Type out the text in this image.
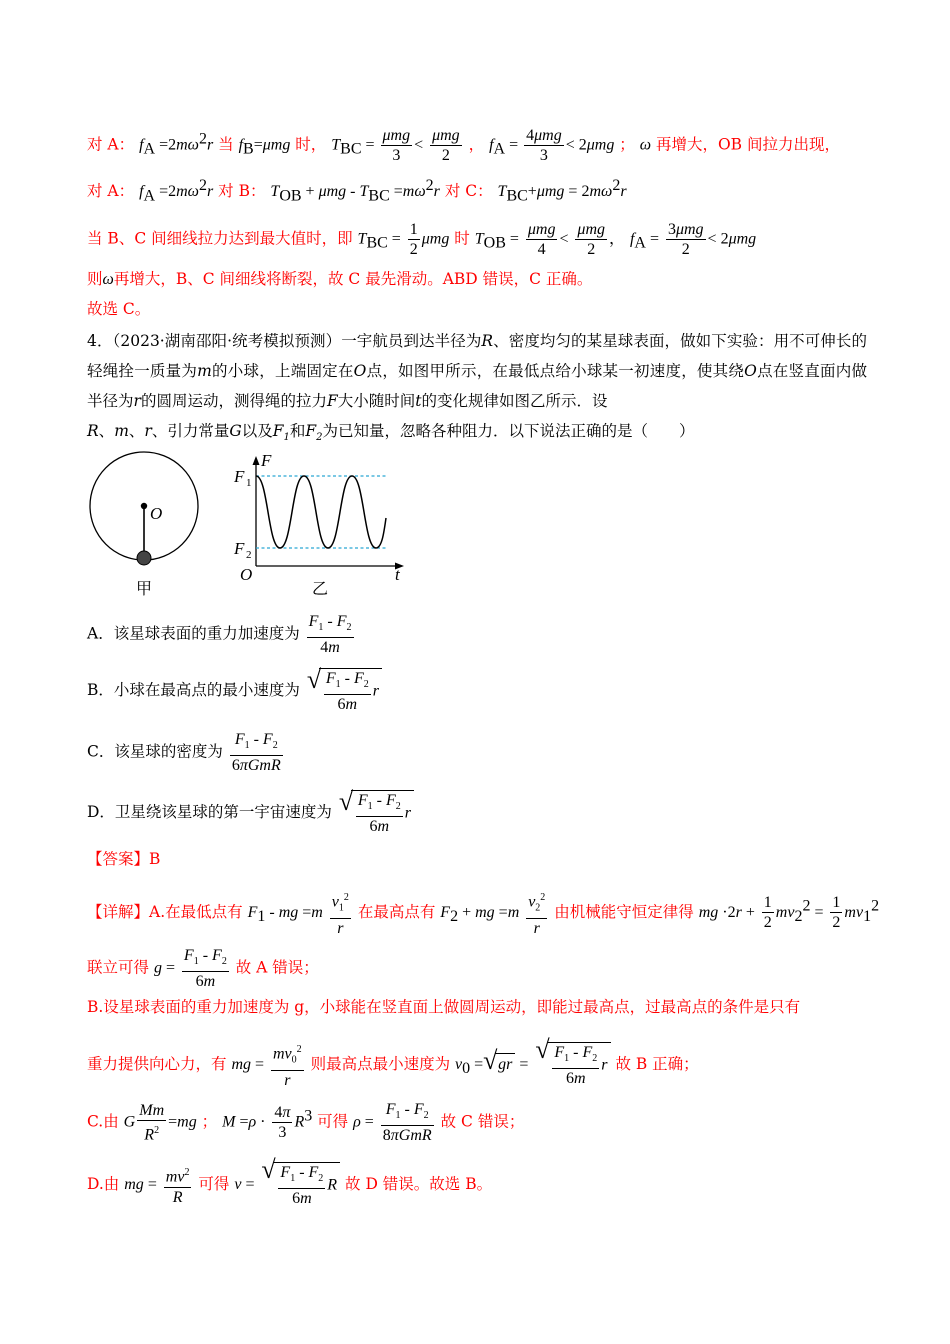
对 A： $f_A =2m\omega^2r$ 当 $f_B=\mu mg$ 时， $T_{BC} = \frac{\text{μmg}}{3} < \frac{\text{μmg}}{2}$ ， $f_A = \frac{\text{4μmg}}{3} < 2\mu mg$ ； ω 再增大，OB 间拉力出现，
对 A： $f_A =2m\omega^2r$ 对 B： $T_{OB} + \mu mg - T_{BC} =m\omega^2r$ 对 C： $T_{BC}+\mu mg = 2m\omega^2r$
当 B、C 间细线拉力达到最大值时，即 $T_{BC} = \frac{1}{2}$ μmg 时 $T_{OB} = \frac{\text{μmg}}{4} < \frac{\text{μmg}}{2}$ ， $f_A = \frac{\text{3μmg}}{2} < 2\mu mg$
则ω再增大，B、C 间细线将断裂，故 C 最先滑动。ABD 错误，C 正确。
故选 C。
4．（2023·湖南邵阳·统考模拟预测）一宇航员到达半径为R、密度均匀的某星球表面，做如下实验：用不可伸长的轻绳拴一质量为m的小球，上端固定在O点，如图甲所示，在最低点给小球某一初速度，使其绕O点在竖直面内做半径为r的圆周运动，测得绳的拉力F大小随时间t的变化规律如图乙所示．设
R、m、r、引力常量G以及$F_1$和$F_2$为已知量，忽略各种阻力．以下说法正确的是（　　）
O
甲
F
t
O
F 1
F 2
乙
A．该星球表面的重力加速度为 $\frac{F_1 - F_2}{4m}$
B．小球在最高点的最小速度为 √ $\frac{F_1 - F_2}{6m}$ r
C．该星球的密度为 $\frac{F_1 - F_2}{\text{6πGmR}}$
D．卫星绕该星球的第一宇宙速度为 √ $\frac{F_1 - F_2}{6m}$ r
【答案】B
【详解】A.在最低点有 $F_1$ - mg $=m \frac{v_1^2}{r}$ 在最高点有 $F_2$ + mg $=m \frac{v_2^2}{r}$ 由机械能守恒定律得 mg $\cdot 2r + \frac{1}{2} mv_2^2 = \frac{1}{2} mv_1^2$
联立可得 $g = \frac{F_1 - F_2}{6m}$ 故 A 错误；
B.设星球表面的重力加速度为 g，小球能在竖直面上做圆周运动，即能过最高点，过最高点的条件是只有
重力提供向心力，有 mg = $\frac{mv_0^2}{r}$ 则最高点最小速度为 $v_0$ = √ gr = √ $\frac{F_1 - F_2}{6m}$ r 故 B 正确；
C.由 G $\frac{Mm}{R^2} =mg$ ； $M =\rho \cdot \frac{4\pi}{3} R^3$ 可得 $\rho = \frac{F_1 - F_2}{\text{8πGmR}}$ 故 C 错误；
D.由 mg = $\frac{mv^2}{R}$ 可得 v = √ $\frac{F_1 - F_2}{6m}$ R 故 D 错误。故选 B。
